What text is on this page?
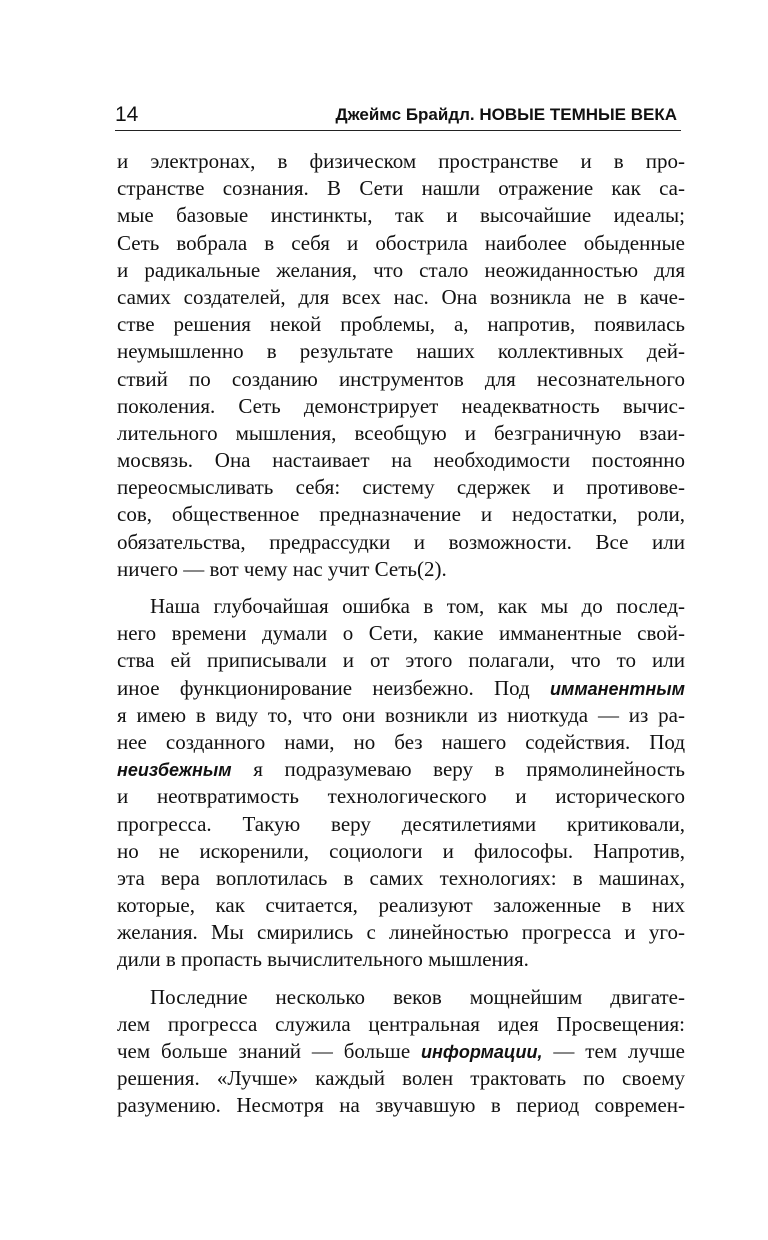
14	Джеймс Брайдл. НОВЫЕ ТЕМНЫЕ ВЕКА
и электронах, в физическом пространстве и в про-
странстве сознания. В Сети нашли отражение как са-
мые базовые инстинкты, так и высочайшие идеалы;
Сеть вобрала в себя и обострила наиболее обыденные
и радикальные желания, что стало неожиданностью для
самих создателей, для всех нас. Она возникла не в каче-
стве решения некой проблемы, а, напротив, появилась
неумышленно в результате наших коллективных дей-
ствий по созданию инструментов для несознательного
поколения. Сеть демонстрирует неадекватность вычис-
лительного мышления, всеобщую и безграничную взаи-
мосвязь. Она настаивает на необходимости постоянно
переосмысливать себя: систему сдержек и противове-
сов, общественное предназначение и недостатки, роли,
обязательства, предрассудки и возможности. Все или
ничего — вот чему нас учит Сеть(2).
Наша глубочайшая ошибка в том, как мы до послед-
него времени думали о Сети, какие имманентные свой-
ства ей приписывали и от этого полагали, что то или
иное функционирование неизбежно. Под имманентным
я имею в виду то, что они возникли из ниоткуда — из ра-
нее созданного нами, но без нашего содействия. Под
неизбежным я подразумеваю веру в прямолинейность
и неотвратимость технологического и исторического
прогресса. Такую веру десятилетиями критиковали,
но не искоренили, социологи и философы. Напротив,
эта вера воплотилась в самих технологиях: в машинах,
которые, как считается, реализуют заложенные в них
желания. Мы смирились с линейностью прогресса и уго-
дили в пропасть вычислительного мышления.
Последние несколько веков мощнейшим двигате-
лем прогресса служила центральная идея Просвещения:
чем больше знаний — больше информации, — тем лучше
решения. «Лучше» каждый волен трактовать по своему
разумению. Несмотря на звучавшую в период современ-
